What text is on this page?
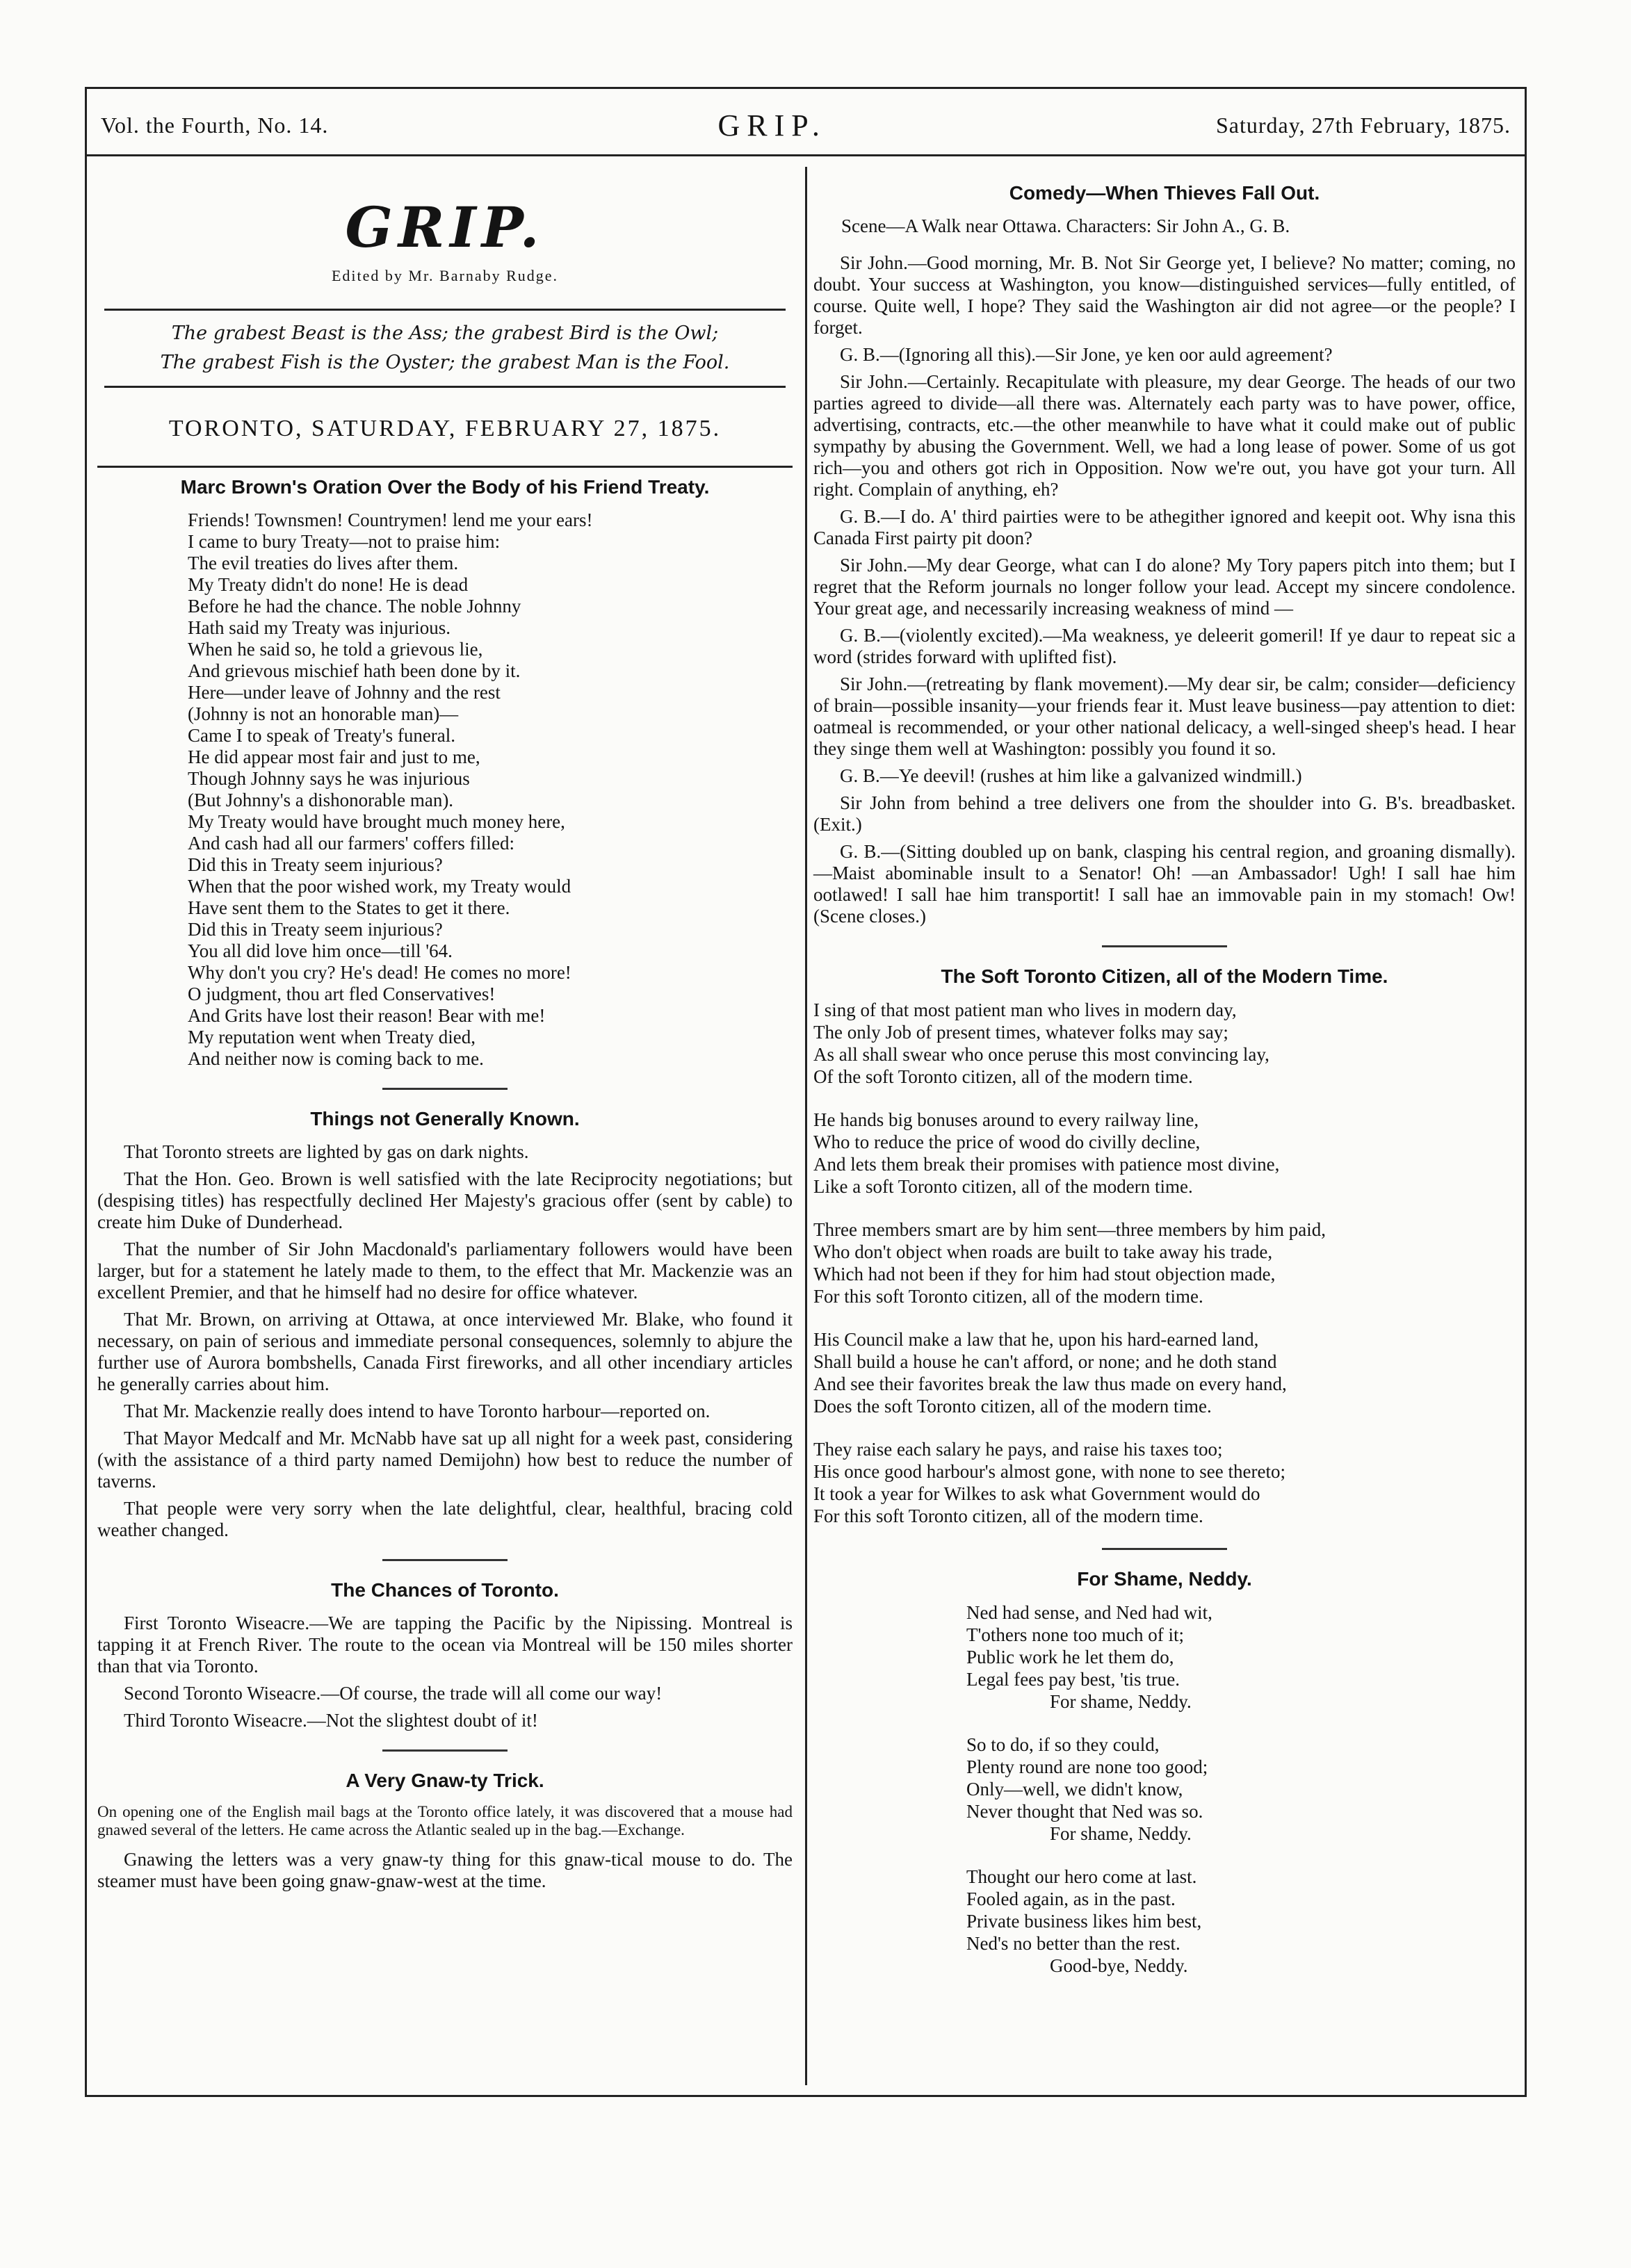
Vol. the Fourth, No. 14.	GRIP.	Saturday, 27th February, 1875.
GRIP.
Edited by Mr. Barnaby Rudge.
The grabest Beast is the Ass; the grabest Bird is the Owl;
The grabest Fish is the Oyster; the grabest Man is the Fool.
TORONTO, SATURDAY, FEBRUARY 27, 1875.
Marc Brown's Oration Over the Body of his Friend Treaty.
Friends! Townsmen! Countrymen! lend me your ears!
I came to bury Treaty—not to praise him:
The evil treaties do lives after them.
My Treaty didn't do none! He is dead
Before he had the chance. The noble Johnny
Hath said my Treaty was injurious.
When he said so, he told a grievous lie,
And grievous mischief hath been done by it.
Here—under leave of Johnny and the rest
(Johnny is not an honorable man)—
Came I to speak of Treaty's funeral.
He did appear most fair and just to me,
Though Johnny says he was injurious
(But Johnny's a dishonorable man).
My Treaty would have brought much money here,
And cash had all our farmers' coffers filled:
Did this in Treaty seem injurious?
When that the poor wished work, my Treaty would
Have sent them to the States to get it there.
Did this in Treaty seem injurious?
You all did love him once—till '64.
Why don't you cry? He's dead! He comes no more!
O judgment, thou art fled Conservatives!
And Grits have lost their reason! Bear with me!
My reputation went when Treaty died,
And neither now is coming back to me.
Things not Generally Known.

That Toronto streets are lighted by gas on dark nights.

That the Hon. Geo. Brown is well satisfied with the late Reciprocity negotiations; but (despising titles) has respectfully declined Her Majesty's gracious offer (sent by cable) to create him Duke of Dunderhead.

That the number of Sir John Macdonald's parliamentary followers would have been larger, but for a statement he lately made to them, to the effect that Mr. Mackenzie was an excellent Premier, and that he himself had no desire for office whatever.

That Mr. Brown, on arriving at Ottawa, at once interviewed Mr. Blake, who found it necessary, on pain of serious and immediate personal consequences, solemnly to abjure the further use of Aurora bombshells, Canada First fireworks, and all other incendiary articles he generally carries about him.

That Mr. Mackenzie really does intend to have Toronto harbour—reported on.

That Mayor Medcalf and Mr. McNabb have sat up all night for a week past, considering (with the assistance of a third party named Demijohn) how best to reduce the number of taverns.

That people were very sorry when the late delightful, clear, healthful, bracing cold weather changed.

The Chances of Toronto.

First Toronto Wiseacre.—We are tapping the Pacific by the Nipissing. Montreal is tapping it at French River. The route to the ocean via Montreal will be 150 miles shorter than that via Toronto.

Second Toronto Wiseacre.—Of course, the trade will all come our way!

Third Toronto Wiseacre.—Not the slightest doubt of it!

A Very Gnaw-ty Trick.
On opening one of the English mail bags at the Toronto office lately, it was discovered that a mouse had gnawed several of the letters. He came across the Atlantic sealed up in the bag.—Exchange.

Gnawing the letters was a very gnaw-ty thing for this gnaw-tical mouse to do. The steamer must have been going gnaw-gnaw-west at the time.

Comedy—When Thieves Fall Out.
Scene—A Walk near Ottawa. Characters: Sir John A., G. B.

Sir John.—Good morning, Mr. B. Not Sir George yet, I believe? No matter; coming, no doubt. Your success at Washington, you know—distinguished services—fully entitled, of course. Quite well, I hope? They said the Washington air did not agree—or the people? I forget.

G. B.—(Ignoring all this).—Sir Jone, ye ken oor auld agreement?

Sir John.—Certainly. Recapitulate with pleasure, my dear George. The heads of our two parties agreed to divide—all there was. Alternately each party was to have power, office, advertising, contracts, etc.—the other meanwhile to have what it could make out of public sympathy by abusing the Government. Well, we had a long lease of power. Some of us got rich—you and others got rich in Opposition. Now we're out, you have got your turn. All right. Complain of anything, eh?

G. B.—I do. A' third pairties were to be athegither ignored and keepit oot. Why isna this Canada First pairty pit doon?

Sir John.—My dear George, what can I do alone? My Tory papers pitch into them; but I regret that the Reform journals no longer follow your lead. Accept my sincere condolence. Your great age, and necessarily increasing weakness of mind —

G. B.—(violently excited).—Ma weakness, ye deleerit gomeril! If ye daur to repeat sic a word (strides forward with uplifted fist).

Sir John.—(retreating by flank movement).—My dear sir, be calm; consider—deficiency of brain—possible insanity—your friends fear it. Must leave business—pay attention to diet: oatmeal is recommended, or your other national delicacy, a well-singed sheep's head. I hear they singe them well at Washington: possibly you found it so.

G. B.—Ye deevil! (rushes at him like a galvanized windmill.)

Sir John from behind a tree delivers one from the shoulder into G. B's. breadbasket. (Exit.)

G. B.—(Sitting doubled up on bank, clasping his central region, and groaning dismally).—Maist abominable insult to a Senator! Oh! —an Ambassador! Ugh! I sall hae him ootlawed! I sall hae him transportit! I sall hae an immovable pain in my stomach! Ow! (Scene closes.)

The Soft Toronto Citizen, all of the Modern Time.
I sing of that most patient man who lives in modern day,
The only Job of present times, whatever folks may say;
As all shall swear who once peruse this most convincing lay,
Of the soft Toronto citizen, all of the modern time.
He hands big bonuses around to every railway line,
Who to reduce the price of wood do civilly decline,
And lets them break their promises with patience most divine,
Like a soft Toronto citizen, all of the modern time.
Three members smart are by him sent—three members by him paid,
Who don't object when roads are built to take away his trade,
Which had not been if they for him had stout objection made,
For this soft Toronto citizen, all of the modern time.
His Council make a law that he, upon his hard-earned land,
Shall build a house he can't afford, or none; and he doth stand
And see their favorites break the law thus made on every hand,
Does the soft Toronto citizen, all of the modern time.
They raise each salary he pays, and raise his taxes too;
His once good harbour's almost gone, with none to see thereto;
It took a year for Wilkes to ask what Government would do
For this soft Toronto citizen, all of the modern time.
For Shame, Neddy.
Ned had sense, and Ned had wit,
T'others none too much of it;
Public work he let them do,
Legal fees pay best, 'tis true.
For shame, Neddy.
So to do, if so they could,
Plenty round are none too good;
Only—well, we didn't know,
Never thought that Ned was so.
For shame, Neddy.
Thought our hero come at last.
Fooled again, as in the past.
Private business likes him best,
Ned's no better than the rest.
Good-bye, Neddy.
